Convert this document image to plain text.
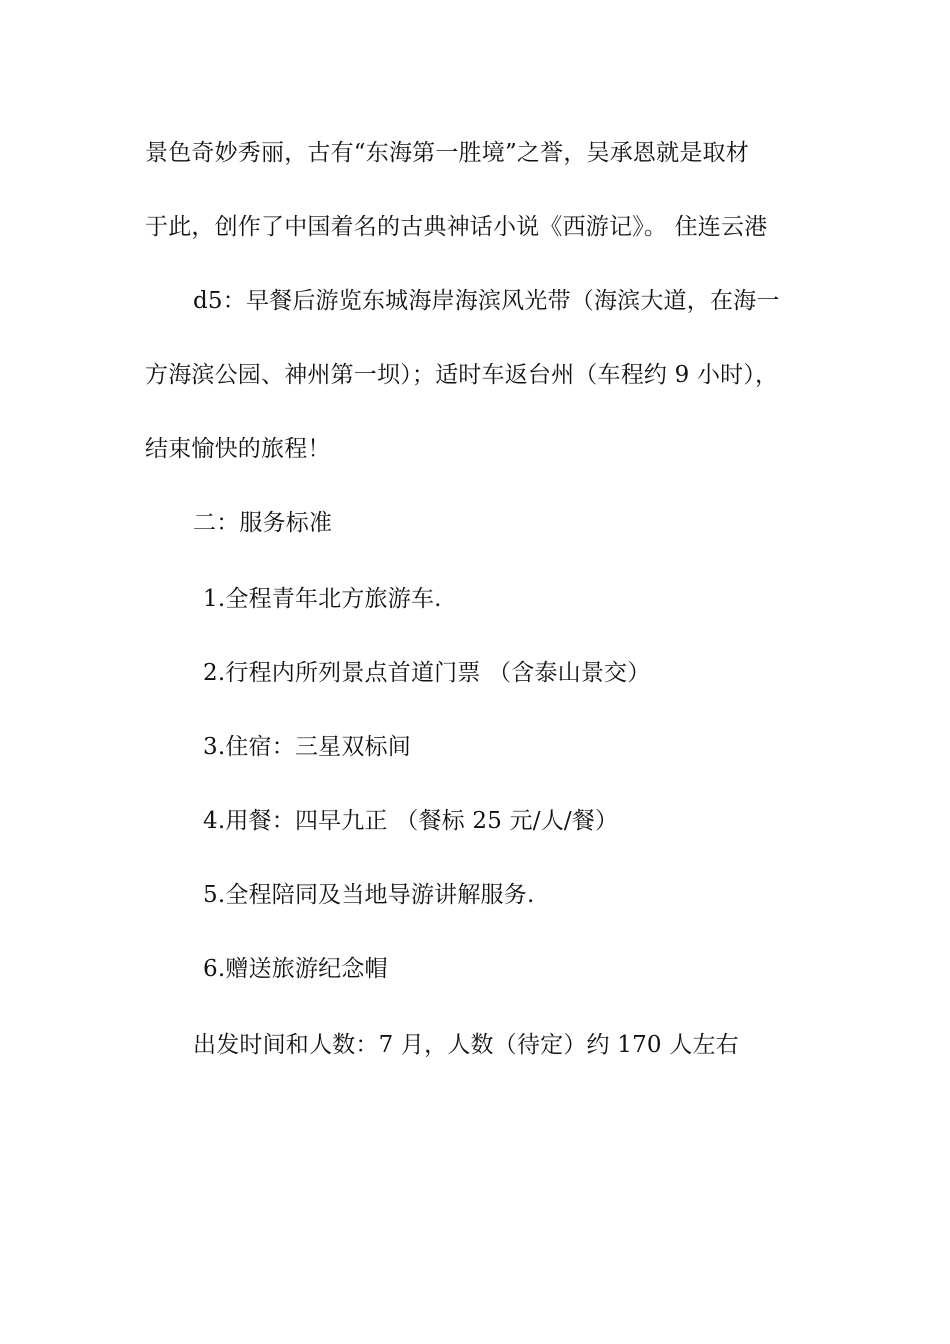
景色奇妙秀丽，古有“东海第一胜境”之誉，吴承恩就是取材
于此，创作了中国着名的古典神话小说《西游记》。 住连云港
d5：早餐后游览东城海岸海滨风光带（海滨大道，在海一
方海滨公园、神州第一坝）；适时车返台州（车程约 9 小时），
结束愉快的旅程！
二：服务标准
1.全程青年北方旅游车.
2.行程内所列景点首道门票 （含泰山景交）
3.住宿：三星双标间
4.用餐：四早九正 （餐标 25 元/人/餐）
5.全程陪同及当地导游讲解服务.
6.赠送旅游纪念帽
出发时间和人数：7 月，人数（待定）约 170 人左右
